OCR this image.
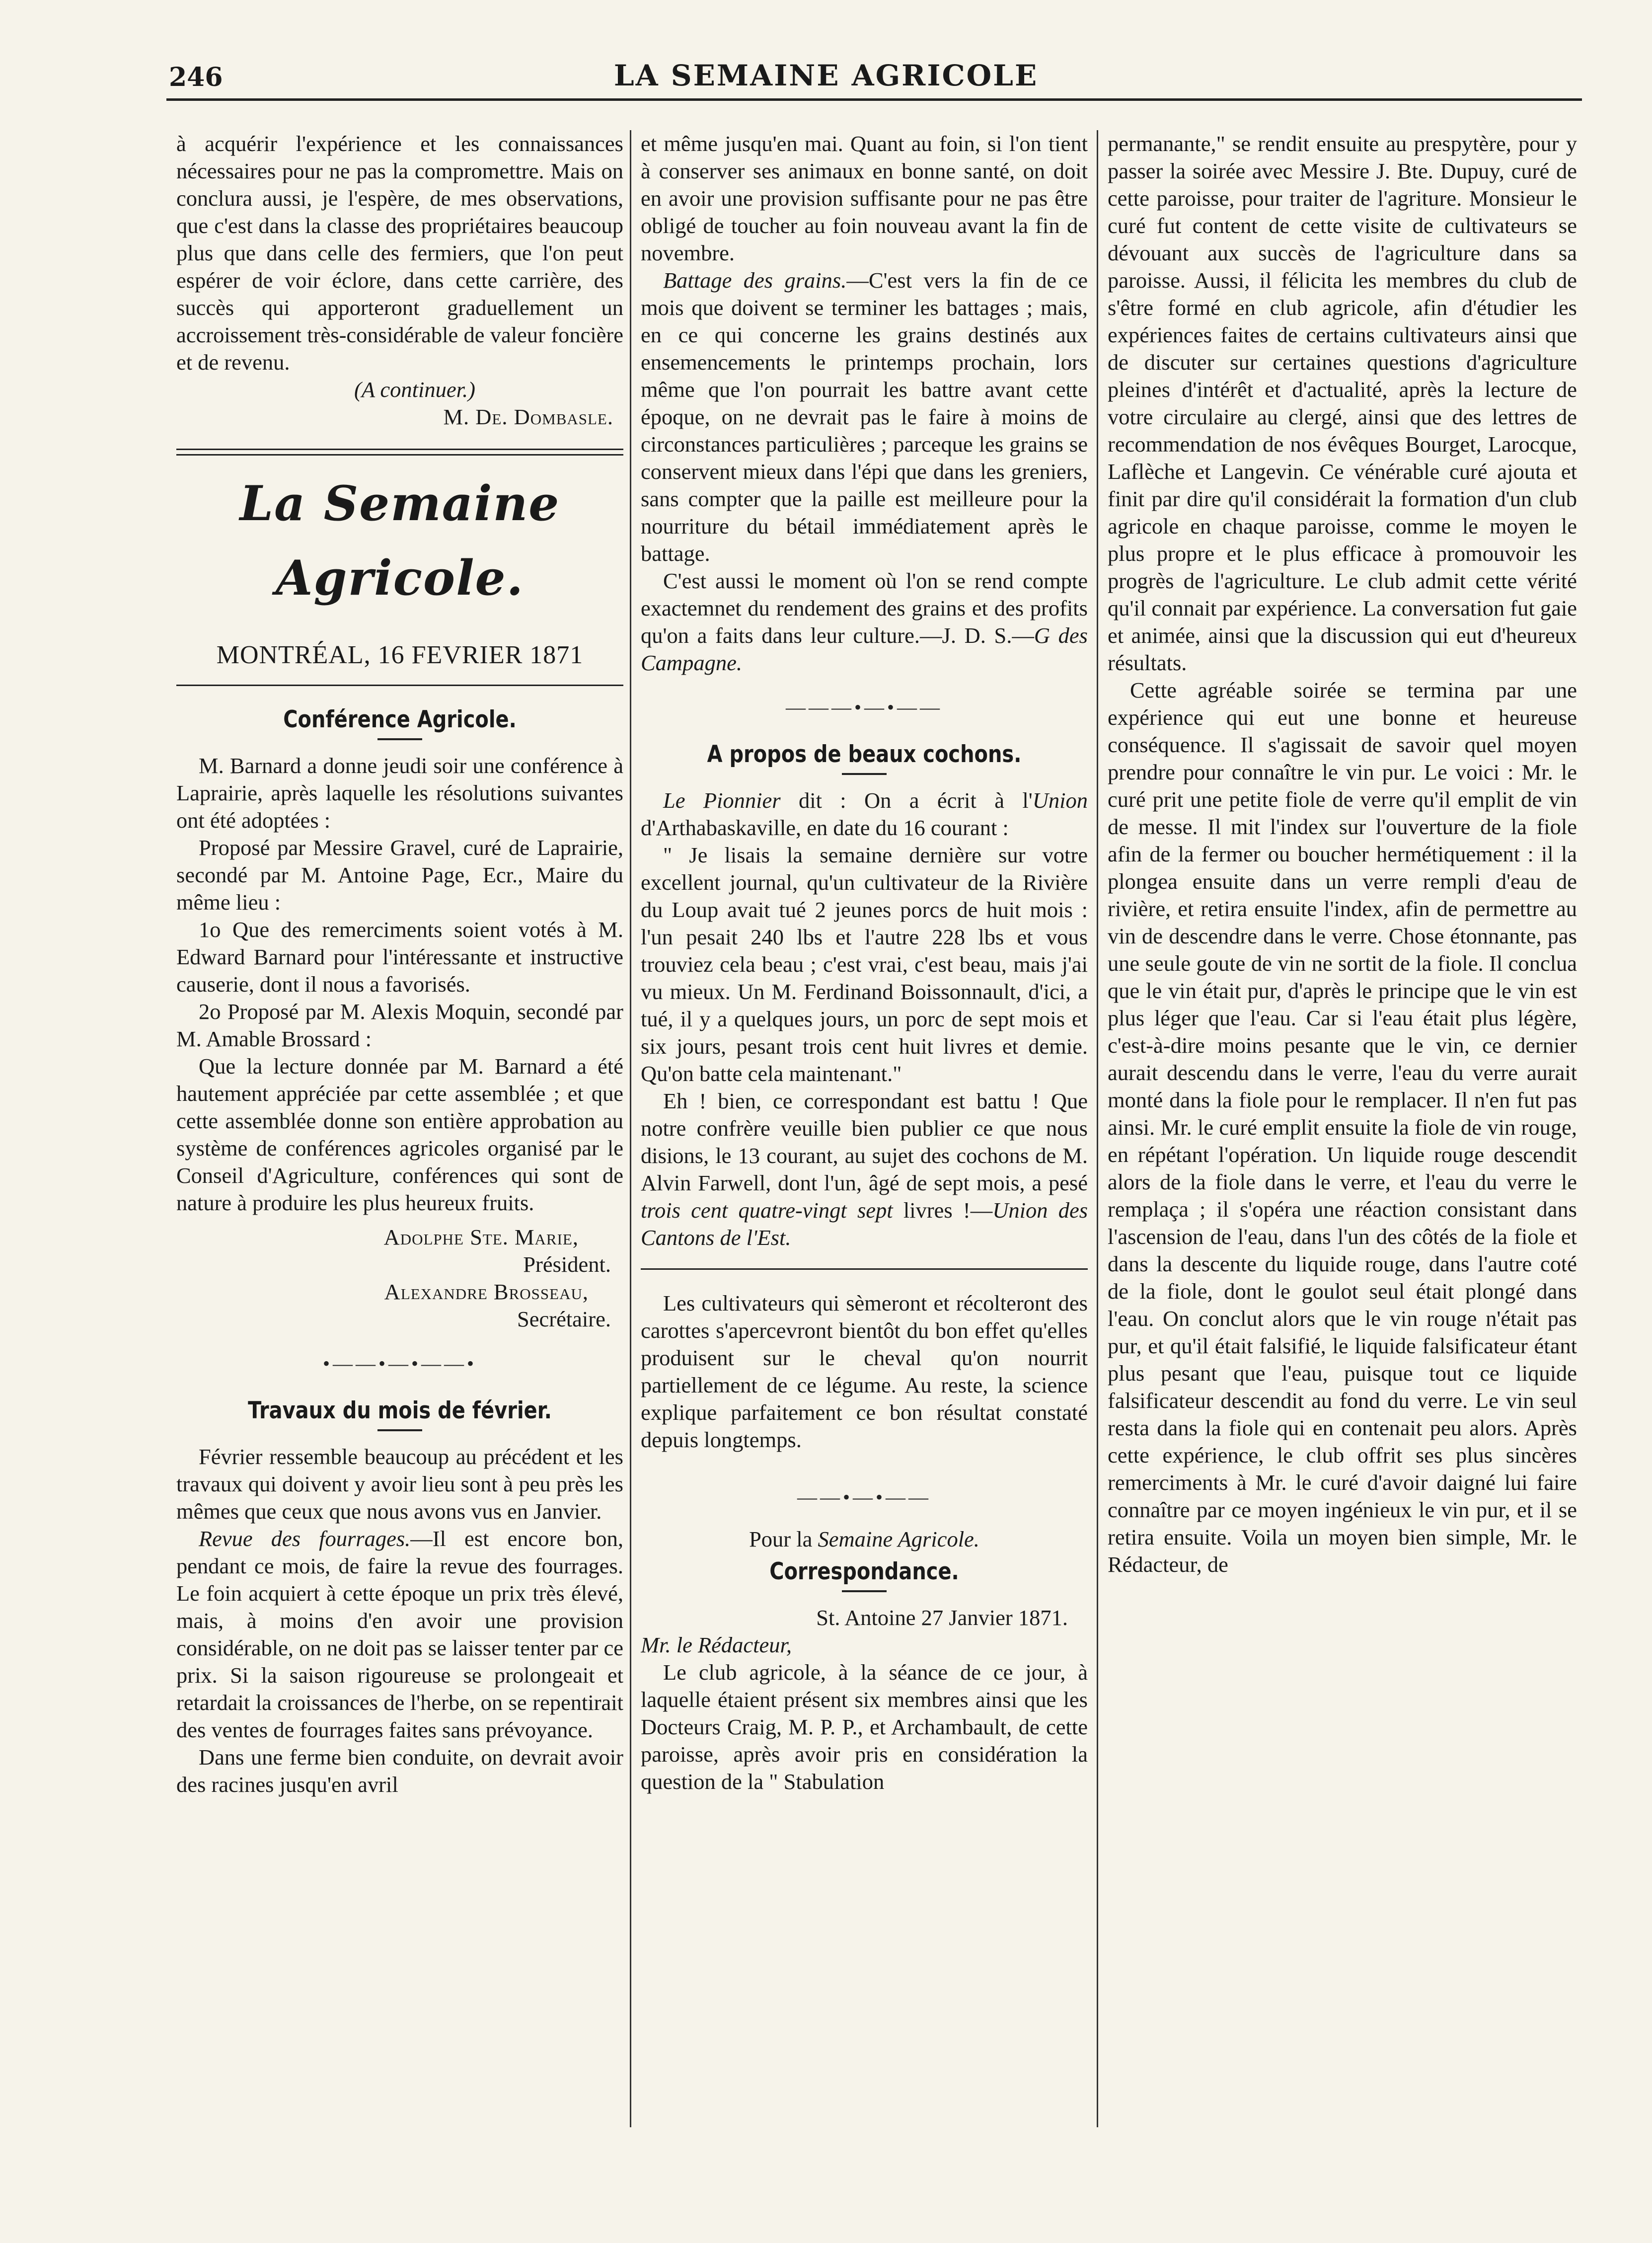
246	LA SEMAINE AGRICOLE

à acquérir l'expérience et les connaissances nécessaires pour ne pas la compromettre. Mais on conclura aussi, je l'espère, de mes observations, que c'est dans la classe des propriétaires beaucoup plus que dans celle des fermiers, que l'on peut espérer de voir éclore, dans cette carrière, des succès qui apporteront graduellement un accroissement très-considérable de valeur foncière et de revenu.

(A continuer.)

M. De. Dombasle.

La Semaine Agricole.
MONTRÉAL, 16 FEVRIER 1871
Conférence Agricole.

M. Barnard a donne jeudi soir une conférence à Laprairie, après laquelle les résolutions suivantes ont été adoptées :

Proposé par Messire Gravel, curé de Laprairie, secondé par M. Antoine Page, Ecr., Maire du même lieu :

1o Que des remerciments soient votés à M. Edward Barnard pour l'intéressante et instructive causerie, dont il nous a favorisés.

2o Proposé par M. Alexis Moquin, secondé par M. Amable Brossard :

Que la lecture donnée par M. Barnard a été hautement appréciée par cette assemblée ; et que cette assemblée donne son entière approbation au système de conférences agricoles organisé par le Conseil d'Agriculture, conférences qui sont de nature à produire les plus heureux fruits.

Adolphe Ste. Marie,

Président.

Alexandre Brosseau,

Secrétaire.

•——•—•——•
Travaux du mois de février.

Février ressemble beaucoup au précédent et les travaux qui doivent y avoir lieu sont à peu près les mêmes que ceux que nous avons vus en Janvier.

Revue des fourrages.—Il est encore bon, pendant ce mois, de faire la revue des fourrages. Le foin acquiert à cette époque un prix très élevé, mais, à moins d'en avoir une provision considérable, on ne doit pas se laisser tenter par ce prix. Si la saison rigoureuse se prolongeait et retardait la croissances de l'herbe, on se repentirait des ventes de fourrages faites sans prévoyance.

Dans une ferme bien conduite, on devrait avoir des racines jusqu'en avril

et même jusqu'en mai. Quant au foin, si l'on tient à conserver ses animaux en bonne santé, on doit en avoir une provision suffisante pour ne pas être obligé de toucher au foin nouveau avant la fin de novembre.

Battage des grains.—C'est vers la fin de ce mois que doivent se terminer les battages ; mais, en ce qui concerne les grains destinés aux ensemencements le printemps prochain, lors même que l'on pourrait les battre avant cette époque, on ne devrait pas le faire à moins de circonstances particulières ; parceque les grains se conservent mieux dans l'épi que dans les greniers, sans compter que la paille est meilleure pour la nourriture du bétail immédiatement après le battage.

C'est aussi le moment où l'on se rend compte exactemnet du rendement des grains et des profits qu'on a faits dans leur culture.—J. D. S.—G des Campagne.

———•—•——
A propos de beaux cochons.

Le Pionnier dit : On a écrit à l'Union d'Arthabaskaville, en date du 16 courant :

" Je lisais la semaine dernière sur votre excellent journal, qu'un cultivateur de la Rivière du Loup avait tué 2 jeunes porcs de huit mois : l'un pesait 240 lbs et l'autre 228 lbs et vous trouviez cela beau ; c'est vrai, c'est beau, mais j'ai vu mieux. Un M. Ferdinand Boissonnault, d'ici, a tué, il y a quelques jours, un porc de sept mois et six jours, pesant trois cent huit livres et demie. Qu'on batte cela maintenant."

Eh ! bien, ce correspondant est battu ! Que notre confrère veuille bien publier ce que nous disions, le 13 courant, au sujet des cochons de M. Alvin Farwell, dont l'un, âgé de sept mois, a pesé trois cent quatre-vingt sept livres !—Union des Cantons de l'Est.

Les cultivateurs qui sèmeront et récolteront des carottes s'apercevront bientôt du bon effet qu'elles produisent sur le cheval qu'on nourrit partiellement de ce légume. Au reste, la science explique parfaitement ce bon résultat constaté depuis longtemps.

——•—•——

Pour la Semaine Agricole.

Correspondance.

St. Antoine 27 Janvier 1871.

Mr. le Rédacteur,

Le club agricole, à la séance de ce jour, à laquelle étaient présent six membres ainsi que les Docteurs Craig, M. P. P., et Archambault, de cette paroisse, après avoir pris en considération la question de la " Stabulation

permanante," se rendit ensuite au prespytère, pour y passer la soirée avec Messire J. Bte. Dupuy, curé de cette paroisse, pour traiter de l'agriture. Monsieur le curé fut content de cette visite de cultivateurs se dévouant aux succès de l'agriculture dans sa paroisse. Aussi, il félicita les membres du club de s'être formé en club agricole, afin d'étudier les expériences faites de certains cultivateurs ainsi que de discuter sur certaines questions d'agriculture pleines d'intérêt et d'actualité, après la lecture de votre circulaire au clergé, ainsi que des lettres de recommendation de nos évêques Bourget, Larocque, Laflèche et Langevin. Ce vénérable curé ajouta et finit par dire qu'il considérait la formation d'un club agricole en chaque paroisse, comme le moyen le plus propre et le plus efficace à promouvoir les progrès de l'agriculture. Le club admit cette vérité qu'il connait par expérience. La conversation fut gaie et animée, ainsi que la discussion qui eut d'heureux résultats.

Cette agréable soirée se termina par une expérience qui eut une bonne et heureuse conséquence. Il s'agissait de savoir quel moyen prendre pour connaître le vin pur. Le voici : Mr. le curé prit une petite fiole de verre qu'il emplit de vin de messe. Il mit l'index sur l'ouverture de la fiole afin de la fermer ou boucher hermétiquement : il la plongea ensuite dans un verre rempli d'eau de rivière, et retira ensuite l'index, afin de permettre au vin de descendre dans le verre. Chose étonnante, pas une seule goute de vin ne sortit de la fiole. Il conclua que le vin était pur, d'après le principe que le vin est plus léger que l'eau. Car si l'eau était plus légère, c'est-à-dire moins pesante que le vin, ce dernier aurait descendu dans le verre, l'eau du verre aurait monté dans la fiole pour le remplacer. Il n'en fut pas ainsi. Mr. le curé emplit ensuite la fiole de vin rouge, en répétant l'opération. Un liquide rouge descendit alors de la fiole dans le verre, et l'eau du verre le remplaça ; il s'opéra une réaction consistant dans l'ascension de l'eau, dans l'un des côtés de la fiole et dans la descente du liquide rouge, dans l'autre coté de la fiole, dont le goulot seul était plongé dans l'eau. On conclut alors que le vin rouge n'était pas pur, et qu'il était falsifié, le liquide falsificateur étant plus pesant que l'eau, puisque tout ce liquide falsificateur descendit au fond du verre. Le vin seul resta dans la fiole qui en contenait peu alors. Après cette expérience, le club offrit ses plus sincères remerciments à Mr. le curé d'avoir daigné lui faire connaître par ce moyen ingénieux le vin pur, et il se retira ensuite. Voila un moyen bien simple, Mr. le Rédacteur, de
